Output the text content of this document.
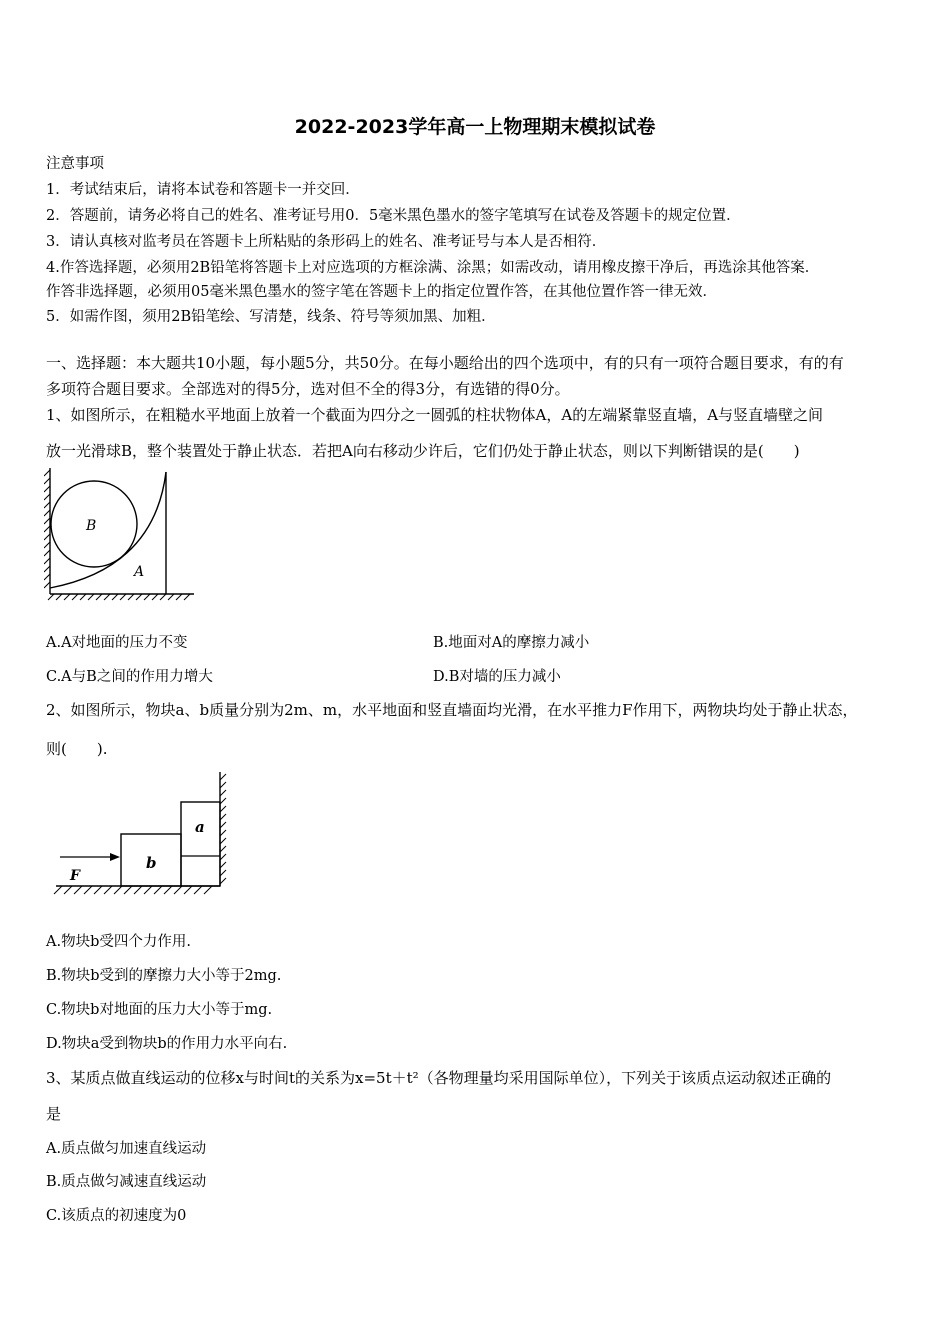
2022-2023学年高一上物理期末模拟试卷
注意事项
1．考试结束后，请将本试卷和答题卡一并交回．
2．答题前，请务必将自己的姓名、准考证号用0．5毫米黑色墨水的签字笔填写在试卷及答题卡的规定位置．
3．请认真核对监考员在答题卡上所粘贴的条形码上的姓名、准考证号与本人是否相符．
4.作答选择题，必须用2B铅笔将答题卡上对应选项的方框涂满、涂黑；如需改动，请用橡皮擦干净后，再选涂其他答案．
作答非选择题，必须用05毫米黑色墨水的签字笔在答题卡上的指定位置作答，在其他位置作答一律无效．
5．如需作图，须用2B铅笔绘、写清楚，线条、符号等须加黑、加粗．
一、选择题：本大题共10小题，每小题5分，共50分。在每小题给出的四个选项中，有的只有一项符合题目要求，有的有
多项符合题目要求。全部选对的得5分，选对但不全的得3分，有选错的得0分。
1、如图所示，在粗糙水平地面上放着一个截面为四分之一圆弧的柱状物体A，A的左端紧靠竖直墙，A与竖直墙壁之间
放一光滑球B，整个装置处于静止状态．若把A向右移动少许后，它们仍处于静止状态，则以下判断错误的是(　　)
B
A
A.A对地面的压力不变	B.地面对A的摩擦力减小
C.A与B之间的作用力增大	D.B对墙的压力减小
2、如图所示，物块a、b质量分别为2m、m，水平地面和竖直墙面均光滑，在水平推力F作用下，两物块均处于静止状态，
则(　　).
F
b
a
A.物块b受四个力作用.
B.物块b受到的摩擦力大小等于2mg.
C.物块b对地面的压力大小等于mg.
D.物块a受到物块b的作用力水平向右.
3、某质点做直线运动的位移x与时间t的关系为x=5t＋t²（各物理量均采用国际单位），下列关于该质点运动叙述正确的
是
A.质点做匀加速直线运动
B.质点做匀减速直线运动
C.该质点的初速度为0
